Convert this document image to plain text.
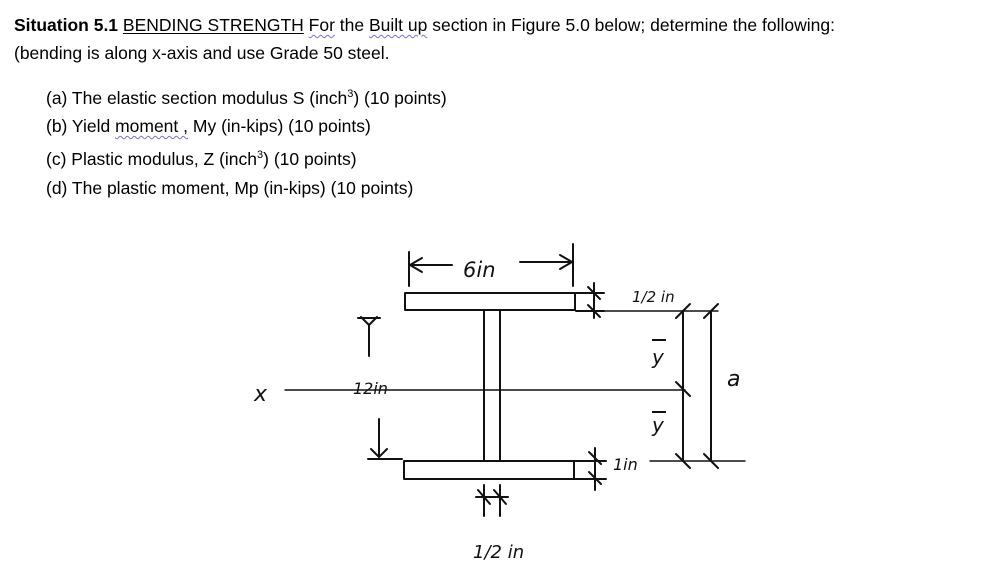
Situation 5.1 BENDING STRENGTH For the Built up section in Figure 5.0 below; determine the following:
(bending is along x-axis and use Grade 50 steel.
(a) The elastic section modulus S (inch$^3$) (10 points)
(b) Yield moment , My (in-kips) (10 points)
(c) Plastic modulus, Z (inch$^3$) (10 points)
(d) The plastic moment, Mp (in-kips) (10 points)
6in
1/2 in
12in
1in
1/2 in
x
y
y
a
